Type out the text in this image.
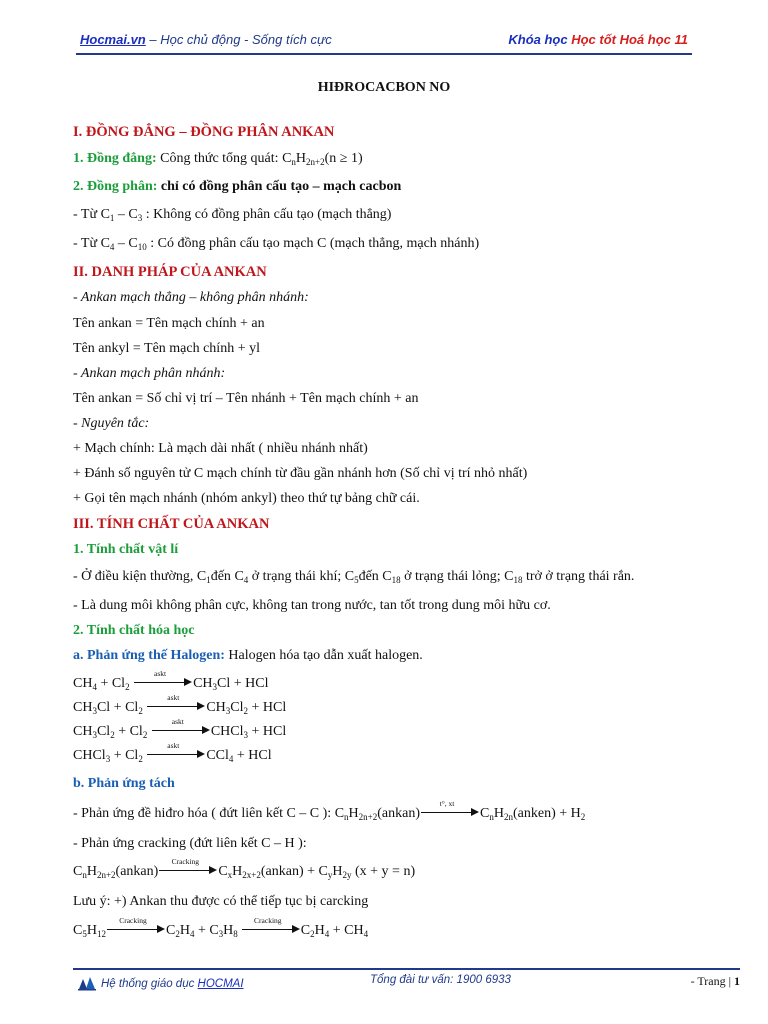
Hocmai.vn – Học chủ động - Sống tích cực	Khóa học Học tốt Hoá học 11
HIĐROCACBON NO
I. ĐỒNG ĐẲNG – ĐỒNG PHÂN ANKAN
1. Đồng đẳng: Công thức tổng quát: $C_nH_{2n+2}(n \ge 1)$
2. Đồng phân: chỉ có đồng phân cấu tạo – mạch cacbon
- Từ $C_1 - C_3$ : Không có đồng phân cấu tạo (mạch thẳng)
- Từ $C_4 - C_{10}$ : Có đồng phân cấu tạo mạch C (mạch thẳng, mạch nhánh)
II. DANH PHÁP CỦA ANKAN
- Ankan mạch thẳng – không phân nhánh:
Tên ankan = Tên mạch chính + an
Tên ankyl = Tên mạch chính + yl
- Ankan mạch phân nhánh:
Tên ankan = Số chỉ vị trí – Tên nhánh + Tên mạch chính + an
- Nguyên tắc:
+ Mạch chính: Là mạch dài nhất ( nhiều nhánh nhất)
+ Đánh số nguyên tử C mạch chính từ đầu gần nhánh hơn (Số chỉ vị trí nhỏ nhất)
+ Gọi tên mạch nhánh (nhóm ankyl) theo thứ tự bảng chữ cái.
III. TÍNH CHẤT CỦA ANKAN
1. Tính chất vật lí
- Ở điều kiện thường, $C_1đến$ $C_4$ ở trạng thái khí; $C_5đến$ $C_{18}$ ở trạng thái lỏng; $C_{18}$ trở ở trạng thái rắn.
- Là dung môi không phân cực, không tan trong nước, tan tốt trong dung môi hữu cơ.
2. Tính chất hóa học
a. Phản ứng thế Halogen: Halogen hóa tạo dẫn xuất halogen.
$CH_4 + Cl_2$
askt
$CH_3Cl$ + HCl
$CH_3Cl + Cl_2$
askt
$CH_3Cl_2$ + HCl
$CH_3Cl_2 + Cl_2$
askt
CHCl$_3$ + HCl
CHCl$_3$ + $Cl_2$
askt
CCl$_4$ + HCl
b. Phản ứng tách
- Phản ứng đề hiđro hóa ( đứt liên kết C – C ): $C_nH_{2n+2}(ankan)$
t°, xt
$C_nH_{2n}(anken) + H_2$
- Phản ứng cracking (đứt liên kết C – H ):
$C_nH_{2n+2}(ankan)$
Cracking
$C_xH_{2x+2}(ankan) + C_yH_{2y}$ (x + y = n)
Lưu ý: +) Ankan thu được có thể tiếp tục bị carcking
$C_5H_{12}$
Cracking
$C_2H_4 + C_3H_8$
Cracking
$C_2H_4 + CH_4$
Hệ thống giáo dục HOCMAI	Tổng đài tư vấn: 1900 6933	- Trang | 1
